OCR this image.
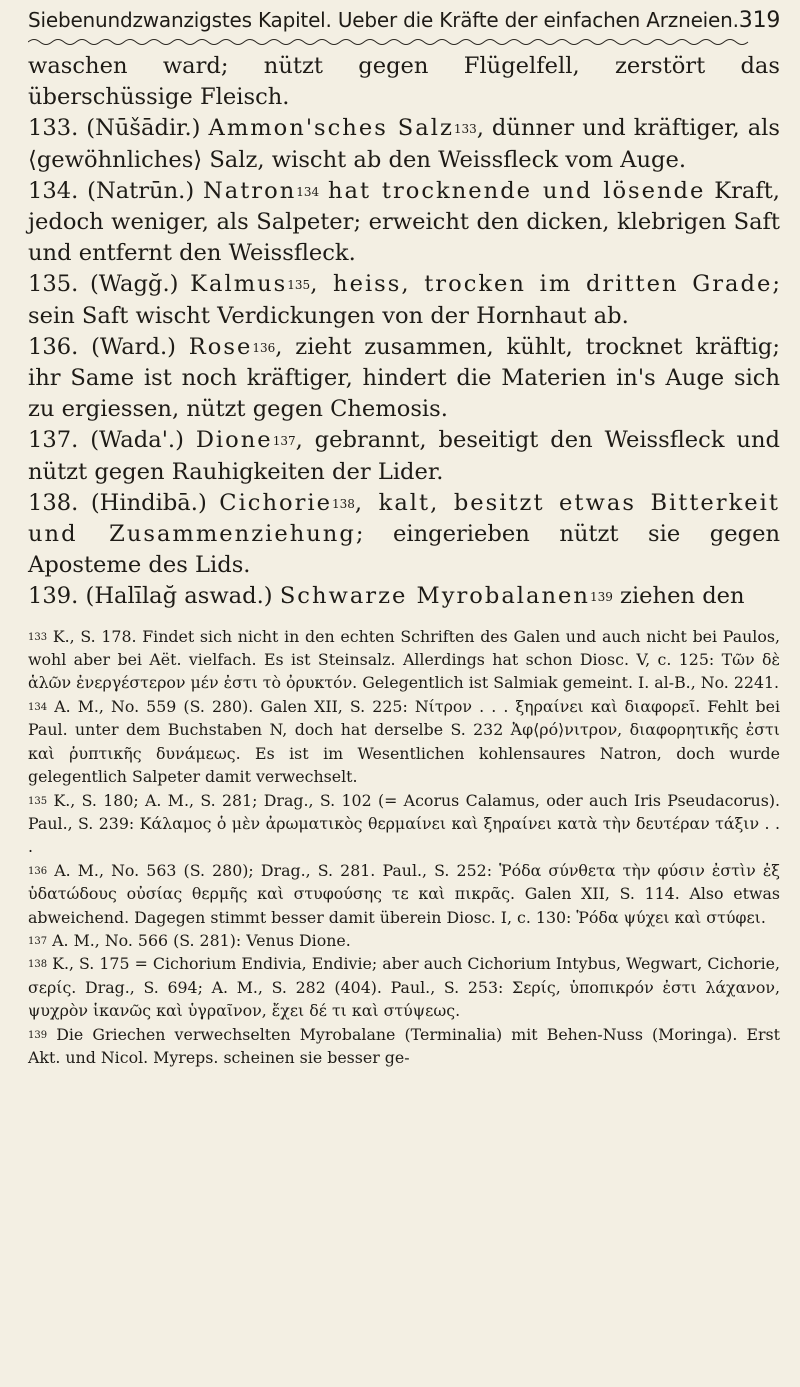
Siebenundzwanzigstes Kapitel. Ueber die Kräfte der einfachen Arzneien. 319

waschen ward; nützt gegen Flügelfell, zerstört das überschüssige Fleisch.

133. (Nūšādir.) Ammon'sches Salz$^{133}$, dünner und kräftiger, als ⟨gewöhnliches⟩ Salz, wischt ab den Weissfleck vom Auge.

134. (Natrūn.) Natron$^{134}$ hat trocknende und lösende Kraft, jedoch weniger, als Salpeter; erweicht den dicken, klebrigen Saft und entfernt den Weissfleck.

135. (Wagğ.) Kalmus$^{135}$, heiss, trocken im dritten Grade; sein Saft wischt Verdickungen von der Hornhaut ab.

136. (Ward.) Rose$^{136}$, zieht zusammen, kühlt, trocknet kräftig; ihr Same ist noch kräftiger, hindert die Materien in's Auge sich zu ergiessen, nützt gegen Chemosis.

137. (Wada'.) Dione$^{137}$, gebrannt, beseitigt den Weissfleck und nützt gegen Rauhigkeiten der Lider.

138. (Hindibā.) Cichorie$^{138}$, kalt, besitzt etwas Bitterkeit und Zusammenziehung; eingerieben nützt sie gegen Aposteme des Lids.

139. (Halīlağ aswad.) Schwarze Myrobalanen$^{139}$ ziehen den

$^{133}$ K., S. 178. Findet sich nicht in den echten Schriften des Galen und auch nicht bei Paulos, wohl aber bei Aët. vielfach. Es ist Steinsalz. Allerdings hat schon Diosc. V, c. 125: Τῶν δὲ ἁλῶν ἐνεργέστερον μέν ἐστι τὸ ὀρυκτόν. Gelegentlich ist Salmiak gemeint. I. al-B., No. 2241.

$^{134}$ A. M., No. 559 (S. 280). Galen XII, S. 225: Νίτρον . . . ξηραίνει καὶ διαφορεῖ. Fehlt bei Paul. unter dem Buchstaben N, doch hat derselbe S. 232 Ἀφ⟨ρό⟩νιτρον, διαφορητικῆς ἐστι καὶ ῥυπτικῆς δυνάμεως. Es ist im Wesentlichen kohlensaures Natron, doch wurde gelegentlich Salpeter damit verwechselt.

$^{135}$ K., S. 180; A. M., S. 281; Drag., S. 102 (= Acorus Calamus, oder auch Iris Pseudacorus). Paul., S. 239: Κάλαμος ὁ μὲν ἀρωματικὸς θερμαίνει καὶ ξηραίνει κατὰ τὴν δευτέραν τάξιν . . .

$^{136}$ A. M., No. 563 (S. 280); Drag., S. 281. Paul., S. 252: Ῥόδα σύνθετα τὴν φύσιν ἐστὶν ἐξ ὑδατώδους οὐσίας θερμῆς καὶ στυφούσης τε καὶ πικρᾶς. Galen XII, S. 114. Also etwas abweichend. Dagegen stimmt besser damit überein Diosc. I, c. 130: Ῥόδα ψύχει καὶ στύφει.

$^{137}$ A. M., No. 566 (S. 281): Venus Dione.

$^{138}$ K., S. 175 = Cichorium Endivia, Endivie; aber auch Cichorium Intybus, Wegwart, Cichorie, σερίς. Drag., S. 694; A. M., S. 282 (404). Paul., S. 253: Σερίς, ὑποπικρόν ἐστι λάχανον, ψυχρὸν ἱκανῶς καὶ ὑγραῖνον, ἔχει δέ τι καὶ στύψεως.

$^{139}$ Die Griechen verwechselten Myrobalane (Terminalia) mit Behen-Nuss (Moringa). Erst Akt. und Nicol. Myreps. scheinen sie besser ge-
